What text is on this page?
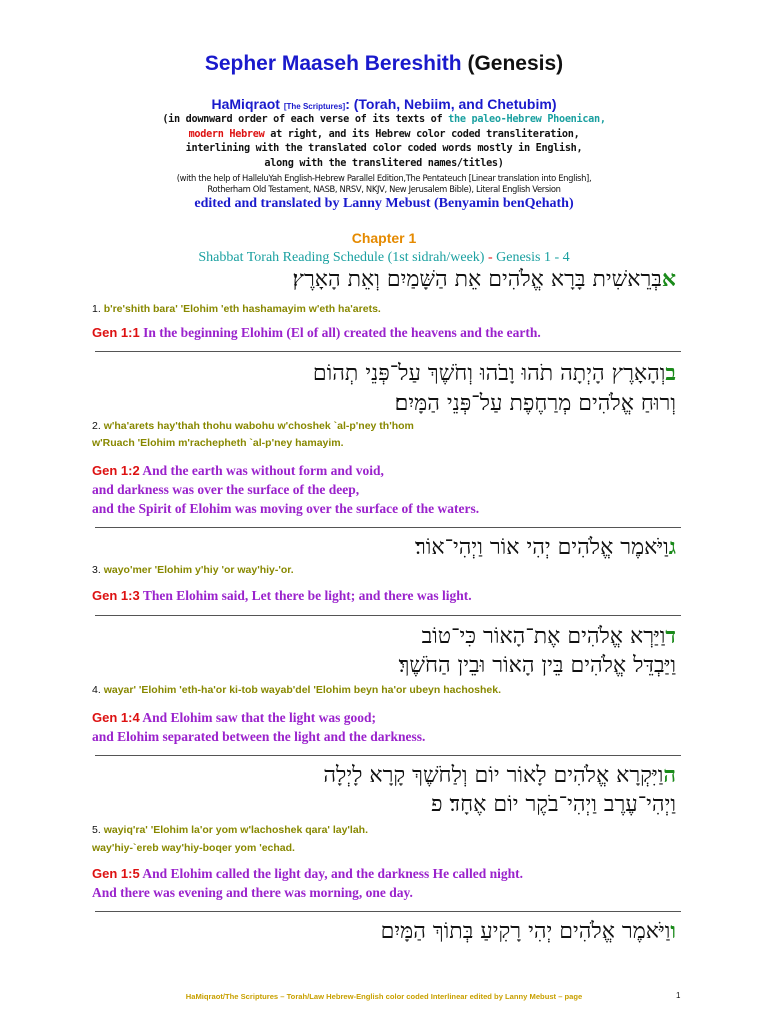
Sepher Maaseh Bereshith (Genesis)
HaMiqraot [The Scriptures]: (Torah, Nebiim, and Chetubim)
(in downward order of each verse of its texts of the paleo-Hebrew Phoenican,
modern Hebrew at right, and its Hebrew color coded transliteration,
interlining with the translated color coded words mostly in English,
along with the translitered names/titles)
(with the help of HalleluYah English-Hebrew Parallel Edition,The Pentateuch [Linear translation into English],
Rotherham Old Testament, NASB, NRSV, NKJV, New Jerusalem Bible), Literal English Version
edited and translated by Lanny Mebust (Benyamin benQehath)
Chapter 1
Shabbat Torah Reading Schedule (1st sidrah/week) - Genesis 1 - 4
אבְּרֵאשִׁית בָּרָא אֱלֹהִים אֵת הַשָּׁמַיִם וְאֵת הָאָרֶץ׃
1. b're'shith bara' 'Elohim 'eth hashamayim w'eth ha'arets.
Gen 1:1 In the beginning Elohim (El of all) created the heavens and the earth.
בוְהָאָרֶץ הָיְתָה תֹהוּ וָבֹהוּ וְחֹשֶׁךְ עַל־פְּנֵי תְהוֹם
וְרוּחַ אֱלֹהִים מְרַחֶפֶת עַל־פְּנֵי הַמָּיִם׃
2. w'ha'arets hay'thah thohu wabohu w'choshek `al-p'ney th'hom
w'Ruach 'Elohim m'rachepheth `al-p'ney hamayim.
Gen 1:2 And the earth was without form and void,
and darkness was over the surface of the deep,
and the Spirit of Elohim was moving over the surface of the waters.
גוַיֹּאמֶר אֱלֹהִים יְהִי אוֹר וַיְהִי־אוֹר׃
3. wayo'mer 'Elohim y'hiy 'or way'hiy-'or.
Gen 1:3 Then Elohim said, Let there be light; and there was light.
דוַיַּרְא אֱלֹהִים אֶת־הָאוֹר כִּי־טוֹב
וַיַּבְדֵּל אֱלֹהִים בֵּין הָאוֹר וּבֵין הַחֹשֶׁךְ׃
4. wayar' 'Elohim 'eth-ha'or ki-tob wayab'del 'Elohim beyn ha'or ubeyn hachoshek.
Gen 1:4 And Elohim saw that the light was good;
and Elohim separated between the light and the darkness.
הוַיִּקְרָא אֱלֹהִים לָאוֹר יוֹם וְלַחֹשֶׁךְ קָרָא לָיְלָה
וַיְהִי־עֶרֶב וַיְהִי־בֹקֶר יוֹם אֶחָד׃ פ
5. wayiq'ra' 'Elohim la'or yom w'lachoshek qara' lay'lah.
way'hiy-`ereb way'hiy-boqer yom 'echad.
Gen 1:5 And Elohim called the light day, and the darkness He called night.
And there was evening and there was morning, one day.
ווַיֹּאמֶר אֱלֹהִים יְהִי רָקִיעַ בְּתוֹךְ הַמָּיִם
HaMiqraot/The Scriptures – Torah/Law Hebrew-English color coded Interlinear edited by Lanny Mebust – page	1
